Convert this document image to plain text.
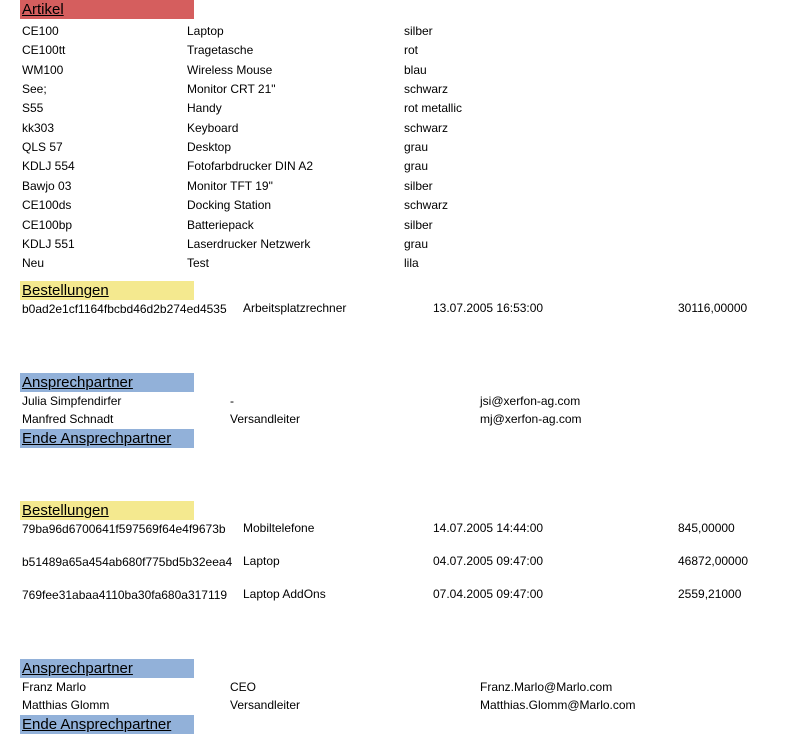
Artikel
CE100	Laptop	silber
CE100tt	Tragetasche	rot
WM100	Wireless Mouse	blau
See;	Monitor CRT 21"	schwarz
S55	Handy	rot metallic
kk303	Keyboard	schwarz
QLS 57	Desktop	grau
KDLJ 554	Fotofarbdrucker DIN A2	grau
Bawjo 03	Monitor TFT 19"	silber
CE100ds	Docking Station	schwarz
CE100bp	Batteriepack	silber
KDLJ 551	Laserdrucker Netzwerk	grau
Neu	Test	lila
Bestellungen
b0ad2e1cf1164fbcbd46d2b274ed4535	Arbeitsplatzrechner	13.07.2005 16:53:00	30116,00000
Ansprechpartner
Julia Simpfendirfer	-	jsi@xerfon-ag.com
Manfred Schnadt	Versandleiter	mj@xerfon-ag.com
Ende Ansprechpartner
Bestellungen
79ba96d6700641f597569f64e4f9673b	Mobiltelefone	14.07.2005 14:44:00	845,00000
b51489a65a454ab680f775bd5b32eea4 Laptop	04.07.2005 09:47:00	46872,00000
769fee31abaa4110ba30fa680a317119	Laptop AddOns	07.04.2005 09:47:00	2559,21000
Ansprechpartner
Franz Marlo	CEO	Franz.Marlo@Marlo.com
Matthias Glomm	Versandleiter	Matthias.Glomm@Marlo.com
Ende Ansprechpartner
